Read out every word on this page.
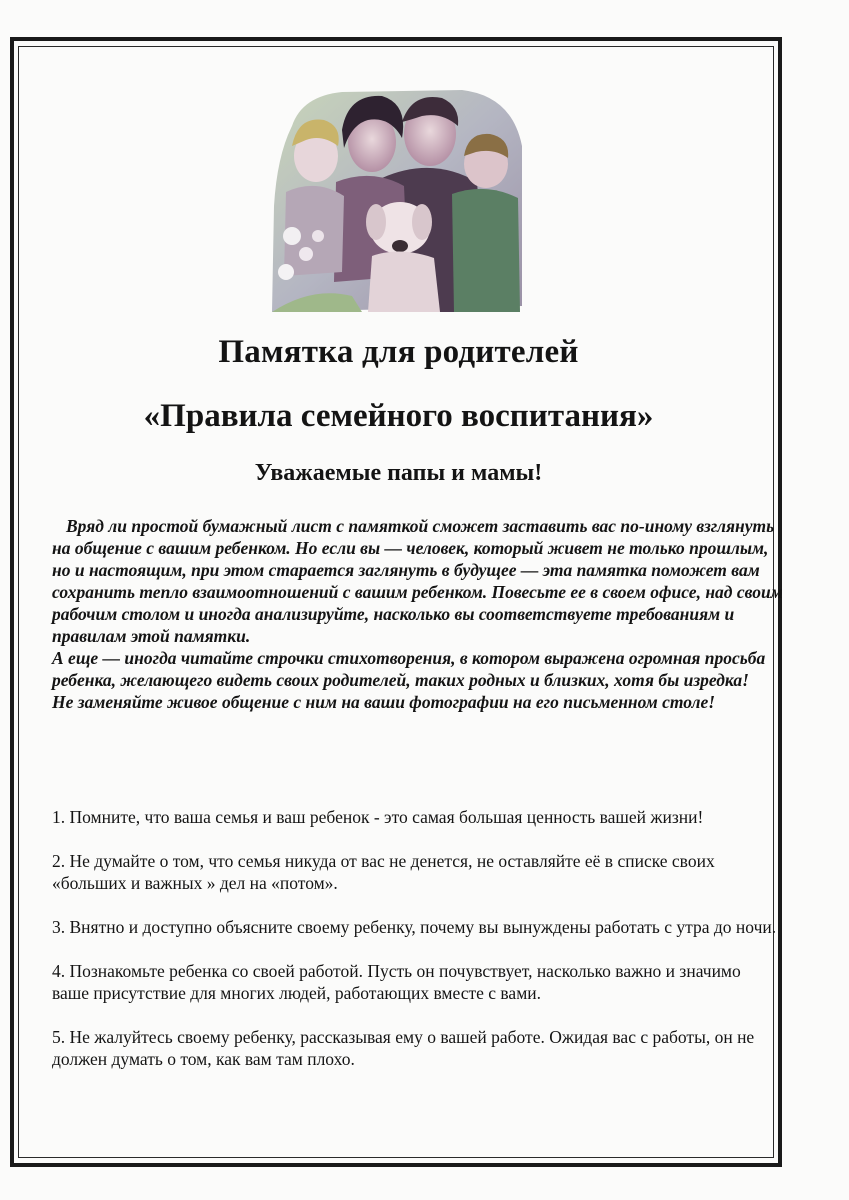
Памятка для родителей
«Правила семейного воспитания»
Уважаемые папы и мамы!

Вряд ли простой бумажный лист с памяткой сможет заставить вас по-иному взглянуть на общение с вашим ребенком. Но если вы — человек, который живет не только прошлым, но и настоящим, при этом старается заглянуть в будущее — эта памятка поможет вам сохранить тепло взаимоотношений с вашим ребенком. Повесьте ее в своем офисе, над своим рабочим столом и иногда анализируйте, насколько вы соответствуете требованиям и правилам этой памятки.

А еще — иногда читайте строчки стихотворения, в котором выражена огромная просьба ребенка, желающего видеть своих родителей, таких родных и близких, хотя бы изредка!

Не заменяйте живое общение с ним на ваши фотографии на его письменном столе!

1. Помните, что ваша семья и ваш ребенок - это самая большая ценность вашей жизни!

2. Не думайте о том, что семья никуда от вас не денется, не оставляйте её в списке своих «больших и важных » дел на «потом».

3. Внятно и доступно объясните своему ребенку, почему вы вынуждены работать с утра до ночи.

4. Познакомьте ребенка со своей работой. Пусть он почувствует, насколько важно и значимо ваше присутствие для многих людей, работающих вместе с вами.

5. Не жалуйтесь своему ребенку, рассказывая ему о вашей работе. Ожидая вас с работы, он не должен думать о том, как вам там плохо.
